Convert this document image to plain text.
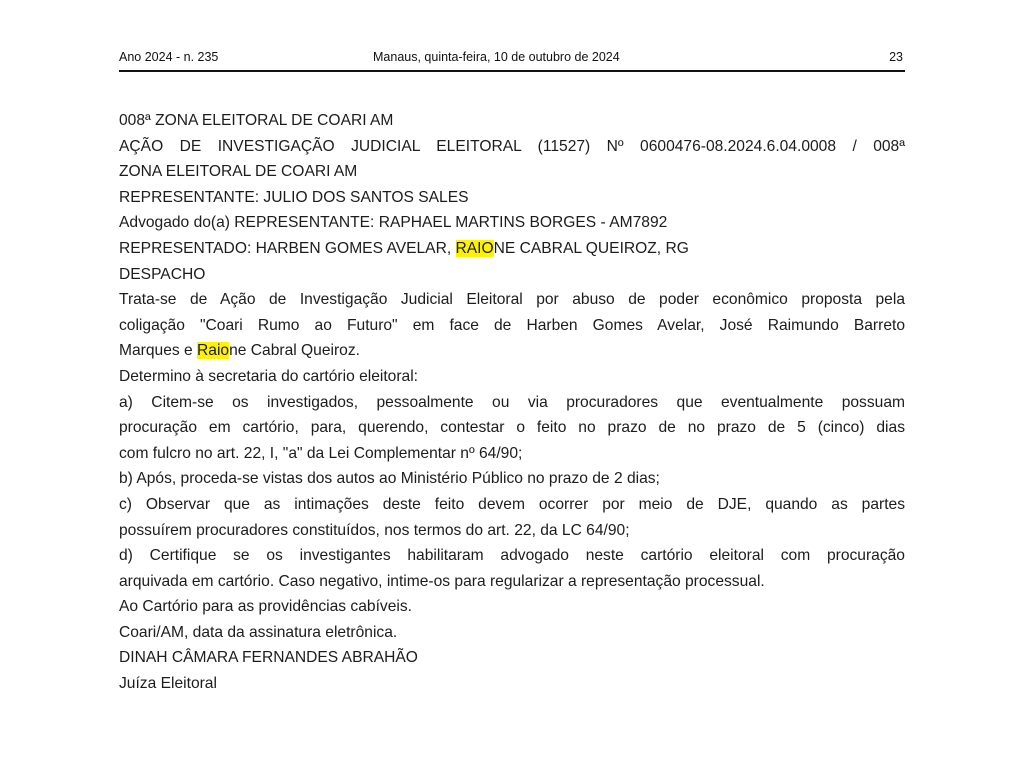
Ano 2024 - n. 235	Manaus, quinta-feira, 10 de outubro de 2024	23
008ª ZONA ELEITORAL DE COARI AM
AÇÃO DE INVESTIGAÇÃO JUDICIAL ELEITORAL (11527) Nº 0600476-08.2024.6.04.0008 / 008ª
ZONA ELEITORAL DE COARI AM
REPRESENTANTE: JULIO DOS SANTOS SALES
Advogado do(a) REPRESENTANTE: RAPHAEL MARTINS BORGES - AM7892
REPRESENTADO: HARBEN GOMES AVELAR, RAIONE CABRAL QUEIROZ, RG
DESPACHO
Trata-se de Ação de Investigação Judicial Eleitoral por abuso de poder econômico proposta pela
coligação "Coari Rumo ao Futuro" em face de Harben Gomes Avelar, José Raimundo Barreto
Marques e Raione Cabral Queiroz.
Determino à secretaria do cartório eleitoral:
a) Citem-se os investigados, pessoalmente ou via procuradores que eventualmente possuam
procuração em cartório, para, querendo, contestar o feito no prazo de no prazo de 5 (cinco) dias
com fulcro no art. 22, I, "a" da Lei Complementar nº 64/90;
b) Após, proceda-se vistas dos autos ao Ministério Público no prazo de 2 dias;
c) Observar que as intimações deste feito devem ocorrer por meio de DJE, quando as partes
possuírem procuradores constituídos, nos termos do art. 22, da LC 64/90;
d) Certifique se os investigantes habilitaram advogado neste cartório eleitoral com procuração
arquivada em cartório. Caso negativo, intime-os para regularizar a representação processual.
Ao Cartório para as providências cabíveis.
Coari/AM, data da assinatura eletrônica.
DINAH CÂMARA FERNANDES ABRAHÃO
Juíza Eleitoral
